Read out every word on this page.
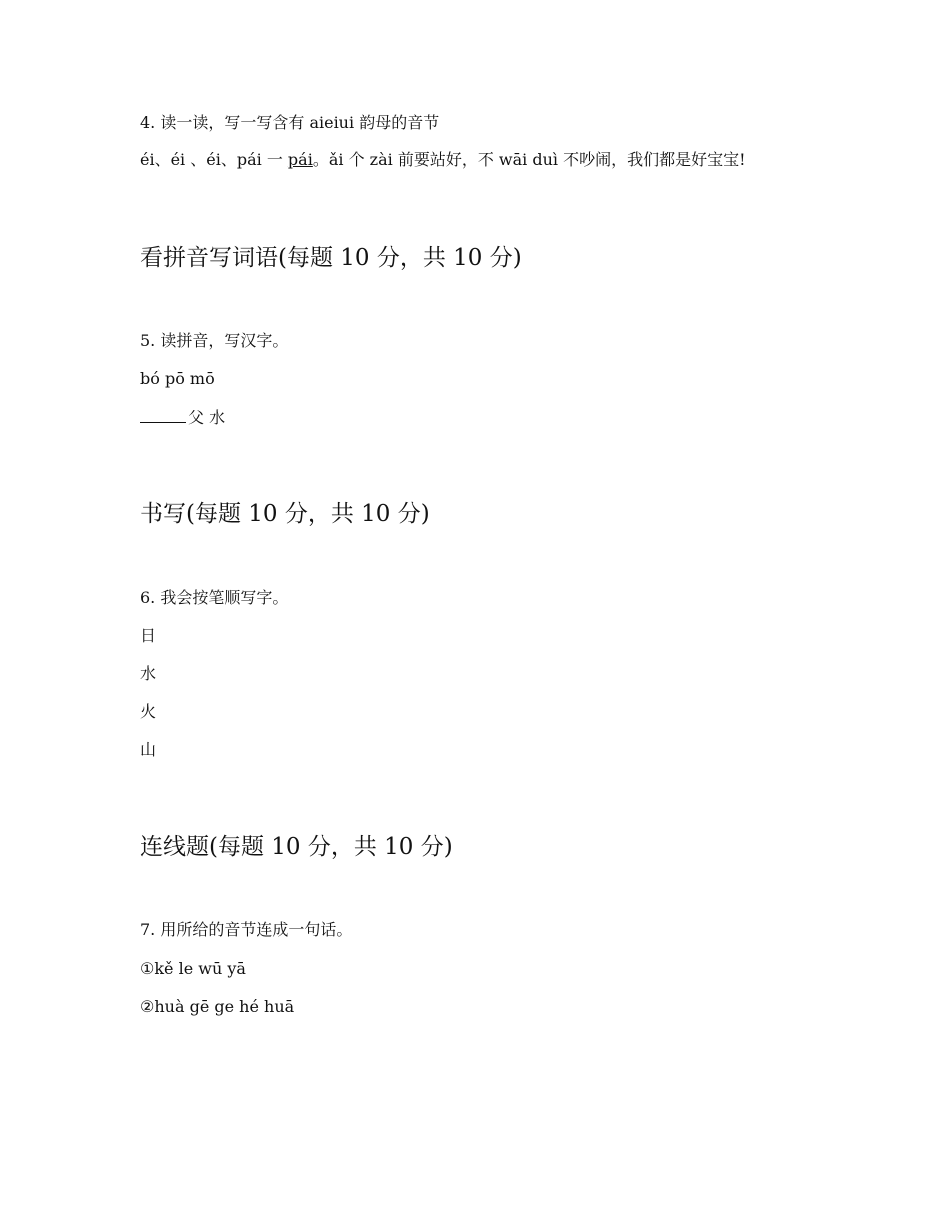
4. 读一读，写一写含有 aieiui 韵母的音节
éi、éi 、éi、pái 一 pái。ǎi 个 zài 前要站好，不 wāi duì 不吵闹，我们都是好宝宝!
看拼音写词语(每题 10 分，共 10 分)
5. 读拼音，写汉字。
bó pō mō
父 水
书写(每题 10 分，共 10 分)
6. 我会按笔顺写字。
日
水
火
山
连线题(每题 10 分，共 10 分)
7. 用所给的音节连成一句话。
①kě le wū yā
②huà gē ge hé huā
